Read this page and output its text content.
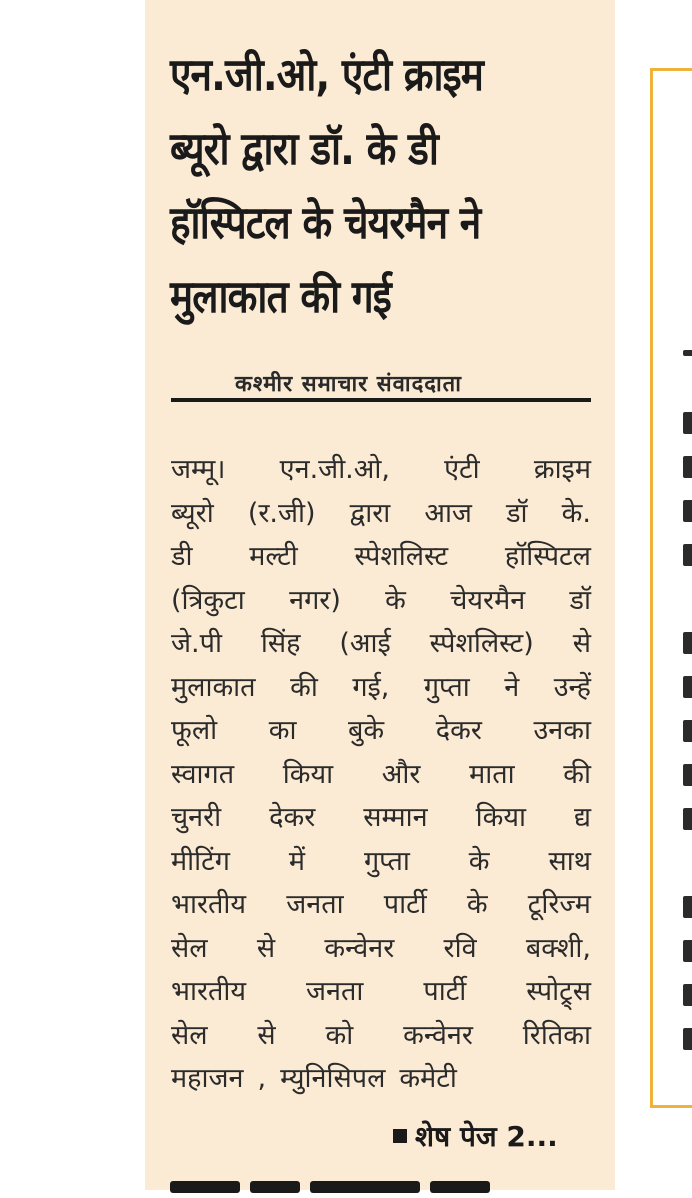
एन.जी.ओ, एंटी क्राइम
ब्यूरो द्वारा डॉ. के डी
हॉस्पिटल के चेयरमैन ने
मुलाकात की गई
कश्मीर समाचार संवाददाता
जम्मू। एन.जी.ओ, एंटी क्राइम
ब्यूरो (र.जी) द्वारा आज डॉ के.
डी मल्टी स्पेशलिस्ट हॉस्पिटल
(त्रिकुटा नगर) के चेयरमैन डॉ
जे.पी सिंह (आई स्पेशलिस्ट) से
मुलाकात की गई, गुप्ता ने उन्हें
फूलो का बुके देकर उनका
स्वागत किया और माता की
चुनरी देकर सम्मान किया द्य
मीटिंग में गुप्ता के साथ
भारतीय जनता पार्टी के टूरिज्म
सेल से कन्वेनर रवि बक्शी,
भारतीय जनता पार्टी स्पोट्र्स
सेल से को कन्वेनर रितिका
महाजन , म्युनिसिपल कमेटी
शेष पेज 2...
